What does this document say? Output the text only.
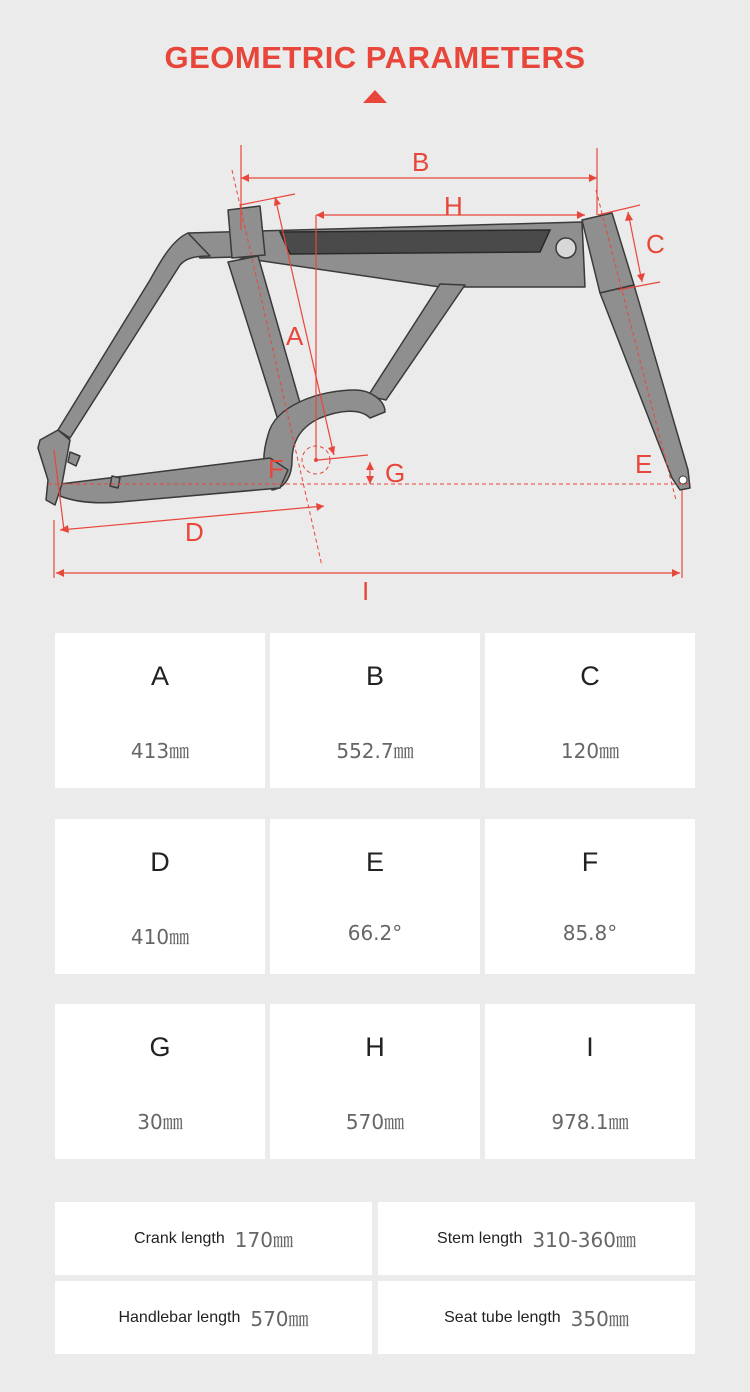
GEOMETRIC PARAMETERS
B
H
C
A
F	G	E
D
I
A
413㎜
B
552.7㎜
C
120㎜
D
410㎜
E
66.2°
F
85.8°
G
30㎜
H
570㎜
I
978.1㎜
Crank length 170㎜	Stem length 310-360㎜
Handlebar length 570㎜	Seat tube length 350㎜
